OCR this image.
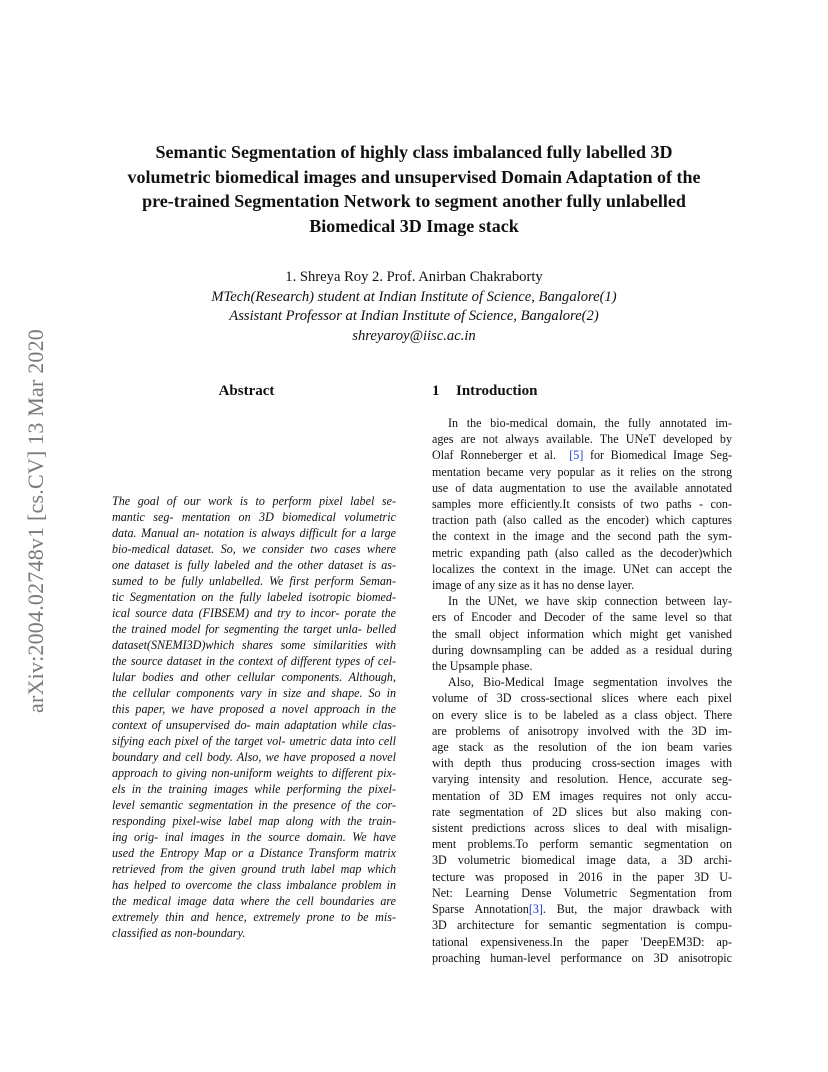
arXiv:2004.02748v1 [cs.CV] 13 Mar 2020
Semantic Segmentation of highly class imbalanced fully labelled 3D
volumetric biomedical images and unsupervised Domain Adaptation of the
pre-trained Segmentation Network to segment another fully unlabelled
Biomedical 3D Image stack
1. Shreya Roy 2. Prof. Anirban Chakraborty
MTech(Research) student at Indian Institute of Science, Bangalore(1)
Assistant Professor at Indian Institute of Science, Bangalore(2)
shreyaroy@iisc.ac.in
Abstract
The goal of our work is to perform pixel label se-
mantic seg- mentation on 3D biomedical volumetric
data. Manual an- notation is always difficult for a large
bio-medical dataset. So, we consider two cases where
one dataset is fully labeled and the other dataset is as-
sumed to be fully unlabelled. We first perform Seman-
tic Segmentation on the fully labeled isotropic biomed-
ical source data (FIBSEM) and try to incor- porate the
the trained model for segmenting the target unla- belled
dataset(SNEMI3D)which shares some similarities with
the source dataset in the context of different types of cel-
lular bodies and other cellular components. Although,
the cellular components vary in size and shape. So in
this paper, we have proposed a novel approach in the
context of unsupervised do- main adaptation while clas-
sifying each pixel of the target vol- umetric data into cell
boundary and cell body. Also, we have proposed a novel
approach to giving non-uniform weights to different pix-
els in the training images while performing the pixel-
level semantic segmentation in the presence of the cor-
responding pixel-wise label map along with the train-
ing orig- inal images in the source domain. We have
used the Entropy Map or a Distance Transform matrix
retrieved from the given ground truth label map which
has helped to overcome the class imbalance problem in
the medical image data where the cell boundaries are
extremely thin and hence, extremely prone to be mis-
classified as non-boundary.
1 Introduction
In the bio-medical domain, the fully annotated im-
ages are not always available. The UNeT developed by
Olaf Ronneberger et al. [5] for Biomedical Image Seg-
mentation became very popular as it relies on the strong
use of data augmentation to use the available annotated
samples more efficiently.It consists of two paths - con-
traction path (also called as the encoder) which captures
the context in the image and the second path the sym-
metric expanding path (also called as the decoder)which
localizes the context in the image. UNet can accept the
image of any size as it has no dense layer.
In the UNet, we have skip connection between lay-
ers of Encoder and Decoder of the same level so that
the small object information which might get vanished
during downsampling can be added as a residual during
the Upsample phase.
Also, Bio-Medical Image segmentation involves the
volume of 3D cross-sectional slices where each pixel
on every slice is to be labeled as a class object. There
are problems of anisotropy involved with the 3D im-
age stack as the resolution of the ion beam varies
with depth thus producing cross-section images with
varying intensity and resolution. Hence, accurate seg-
mentation of 3D EM images requires not only accu-
rate segmentation of 2D slices but also making con-
sistent predictions across slices to deal with misalign-
ment problems.To perform semantic segmentation on
3D volumetric biomedical image data, a 3D archi-
tecture was proposed in 2016 in the paper 3D U-
Net: Learning Dense Volumetric Segmentation from
Sparse Annotation[3]. But, the major drawback with
3D architecture for semantic segmentation is compu-
tational expensiveness.In the paper 'DeepEM3D: ap-
proaching human-level performance on 3D anisotropic
